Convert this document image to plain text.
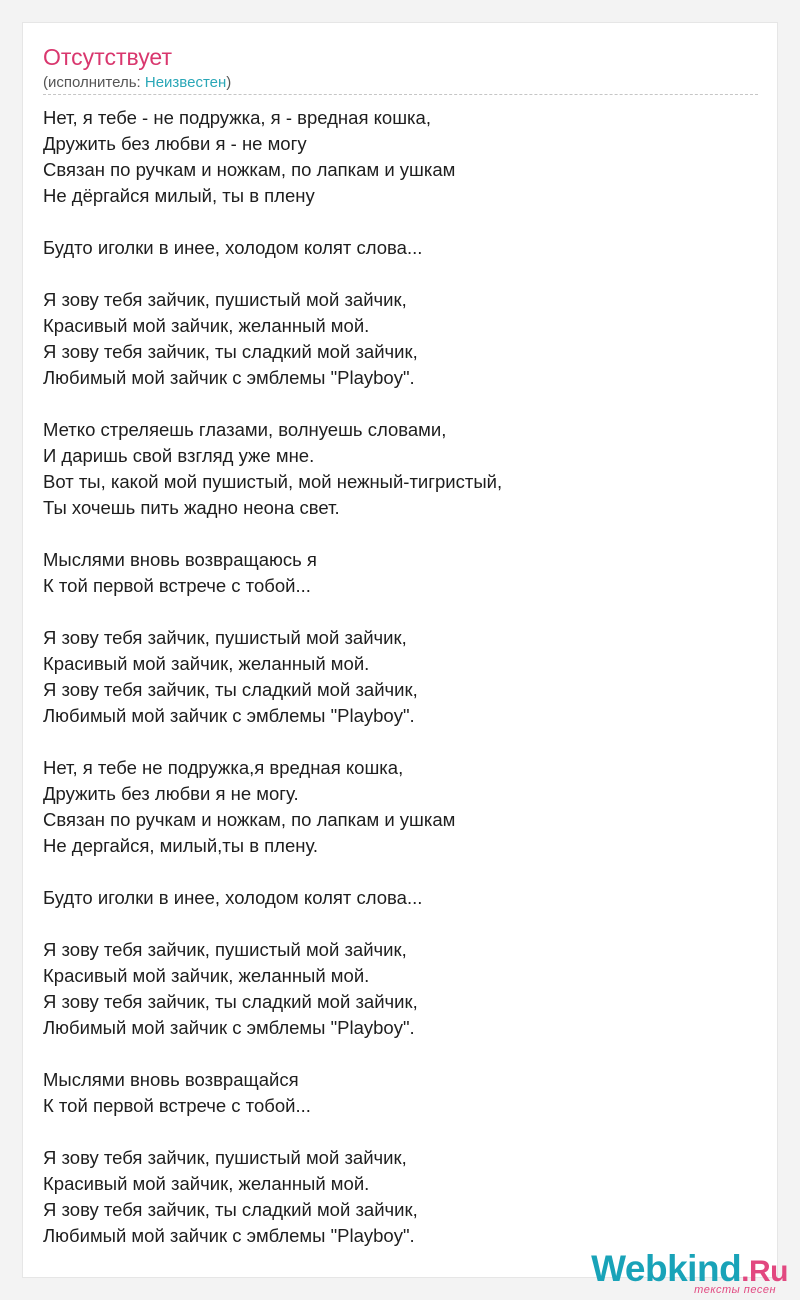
Отсутствует
(исполнитель: Неизвестен)
Нет, я тебе - не подружка, я - вредная кошка,
Дружить без любви я - не могу
Связан по ручкам и ножкам, по лапкам и ушкам
Не дёргайся милый, ты в плену
Будто иголки в инее, холодом колят слова...
Я зову тебя зайчик, пушистый мой зайчик,
Красивый мой зайчик, желанный мой.
Я зову тебя зайчик, ты сладкий мой зайчик,
Любимый мой зайчик с эмблемы "Playboy".
Метко стреляешь глазами, волнуешь словами,
И даришь свой взгляд уже мне.
Вот ты, какой мой пушистый, мой нежный-тигристый,
Ты хочешь пить жадно неона свет.
Мыслями вновь возвращаюсь я
К той первой встрече с тобой...
Я зову тебя зайчик, пушистый мой зайчик,
Красивый мой зайчик, желанный мой.
Я зову тебя зайчик, ты сладкий мой зайчик,
Любимый мой зайчик с эмблемы "Playboy".
Нет, я тебе не подружка,я вредная кошка,
Дружить без любви я не могу.
Связан по ручкам и ножкам, по лапкам и ушкам
Не дергайся, милый,ты в плену.
Будто иголки в инее, холодом колят слова...
Я зову тебя зайчик, пушистый мой зайчик,
Красивый мой зайчик, желанный мой.
Я зову тебя зайчик, ты сладкий мой зайчик,
Любимый мой зайчик с эмблемы "Playboy".
Мыслями вновь возвращайся
К той первой встрече с тобой...
Я зову тебя зайчик, пушистый мой зайчик,
Красивый мой зайчик, желанный мой.
Я зову тебя зайчик, ты сладкий мой зайчик,
Любимый мой зайчик с эмблемы "Playboy".
Webkind.Ru
тексты песен
